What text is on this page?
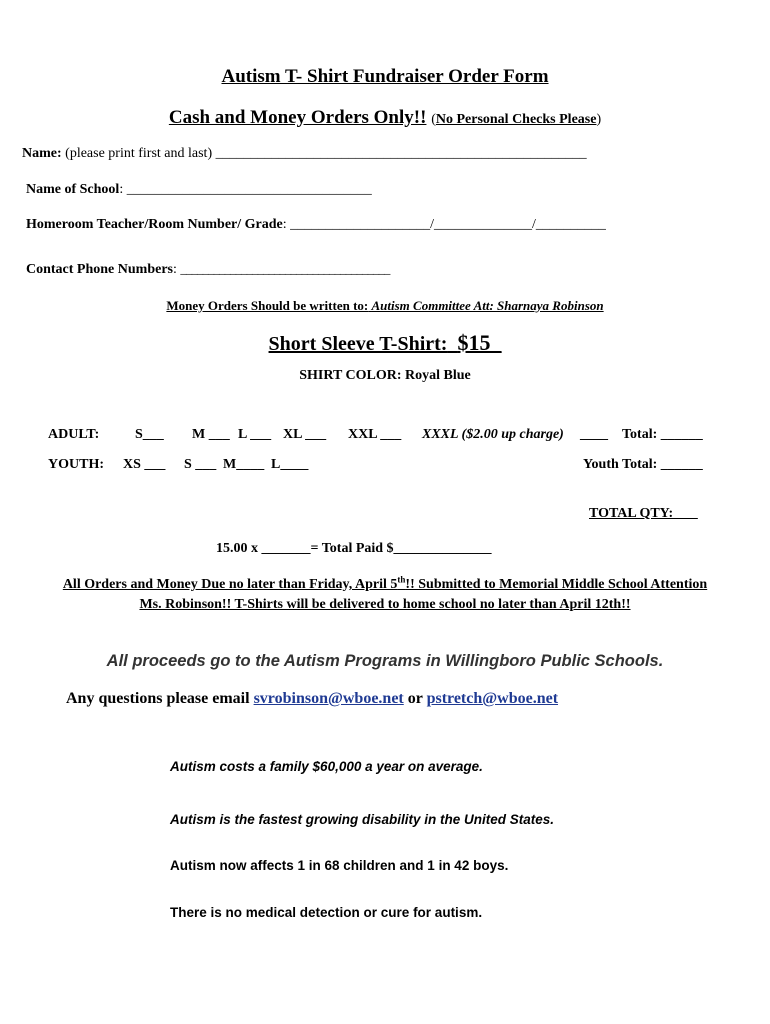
Autism T- Shirt Fundraiser Order Form
Cash and Money Orders Only!! (No Personal Checks Please)
Name: (please print first and last) _____________________________________________________
Name of School: ___________________________________
Homeroom Teacher/Room Number/ Grade: ____________________/______________/__________
Contact Phone Numbers: ______________________________________
Money Orders Should be written to: Autism Committee Att: Sharnaya Robinson
Short Sleeve T-Shirt: $15_
SHIRT COLOR: Royal Blue
ADULT:	S___ M ___ L ___ XL ___ XXL ___ XXXL ($2.00 up charge) ____ Total: ______
YOUTH: XS ___ S ___ M____ L____	Youth Total: ______
TOTAL QTY: ___
15.00 x _______= Total Paid $______________
All Orders and Money Due no later than Friday, April 5th!! Submitted to Memorial Middle School Attention
Ms. Robinson!! T-Shirts will be delivered to home school no later than April 12th!!
All proceeds go to the Autism Programs in Willingboro Public Schools.
Any questions please email svrobinson@wboe.net or pstretch@wboe.net
Autism costs a family $60,000 a year on average.
Autism is the fastest growing disability in the United States.
Autism now affects 1 in 68 children and 1 in 42 boys.
There is no medical detection or cure for autism.
